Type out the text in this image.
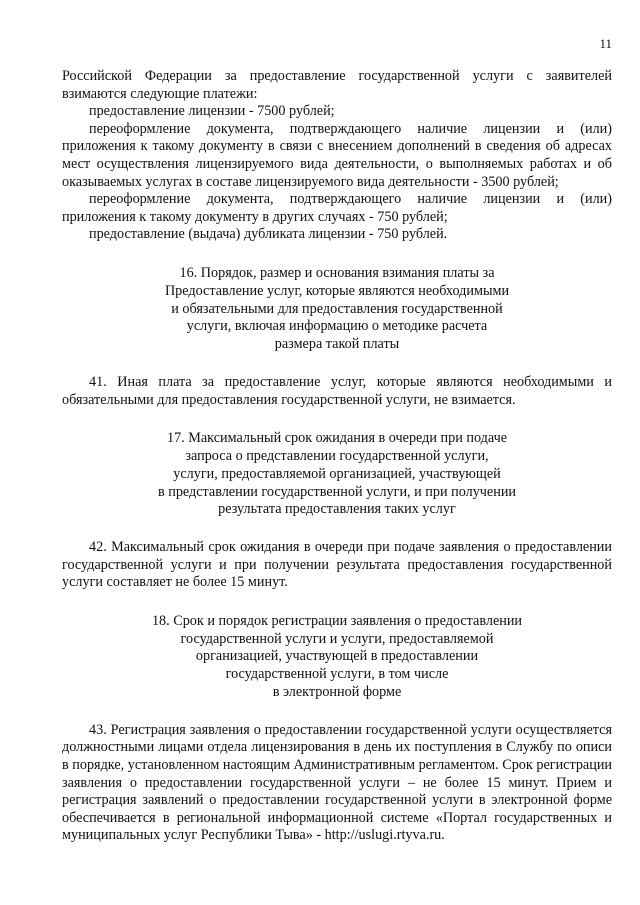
11

Российской Федерации за предоставление государственной услуги с заявителей взимаются следующие платежи:

предоставление лицензии - 7500 рублей;

переоформление документа, подтверждающего наличие лицензии и (или) приложения к такому документу в связи с внесением дополнений в сведения об адресах мест осуществления лицензируемого вида деятельности, о выполняемых работах и об оказываемых услугах в составе лицензируемого вида деятельности - 3500 рублей;

переоформление документа, подтверждающего наличие лицензии и (или) приложения к такому документу в других случаях - 750 рублей;

предоставление (выдача) дубликата лицензии - 750 рублей.

16. Порядок, размер и основания взимания платы за
Предоставление услуг, которые являются необходимыми
и обязательными для предоставления государственной
услуги, включая информацию о методике расчета
размера такой платы

41. Иная плата за предоставление услуг, которые являются необходимыми и обязательными для предоставления государственной услуги, не взимается.

17. Максимальный срок ожидания в очереди при подаче
запроса о представлении государственной услуги,
услуги, предоставляемой организацией, участвующей
в представлении государственной услуги, и при получении
результата предоставления таких услуг

42. Максимальный срок ожидания в очереди при подаче заявления о предоставлении государственной услуги и при получении результата предоставления государственной услуги составляет не более 15 минут.

18. Срок и порядок регистрации заявления о предоставлении
государственной услуги и услуги, предоставляемой
организацией, участвующей в предоставлении
государственной услуги, в том числе
в электронной форме

43. Регистрация заявления о предоставлении государственной услуги осуществляется должностными лицами отдела лицензирования в день их поступления в Службу по описи в порядке, установленном настоящим Административным регламентом. Срок регистрации заявления о предоставлении государственной услуги – не более 15 минут. Прием и регистрация заявлений о предоставлении государственной услуги в электронной форме обеспечивается в региональной информационной системе «Портал государственных и муниципальных услуг Республики Тыва» - http://uslugi.rtyva.ru.
